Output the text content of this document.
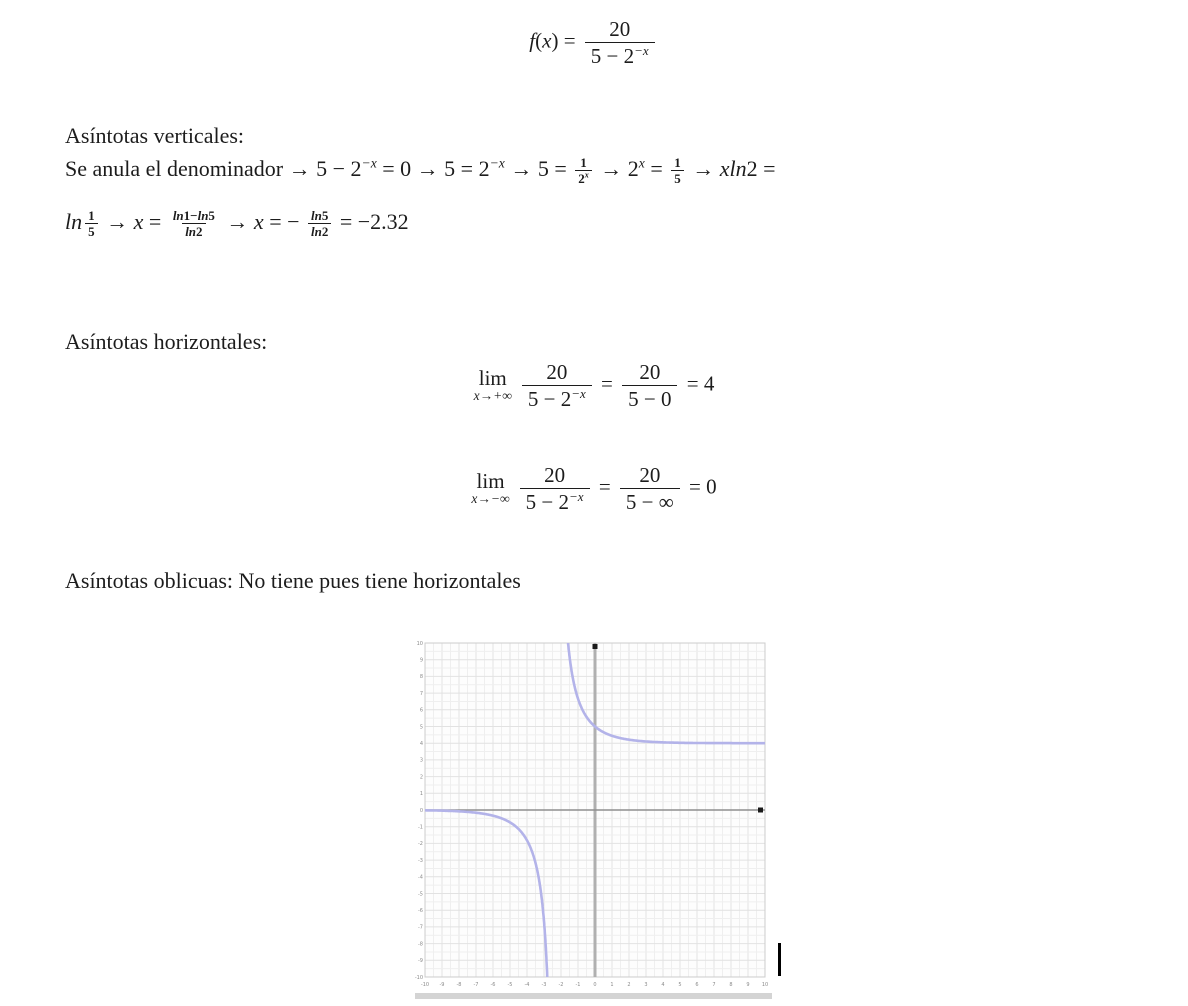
$f(x) = \frac{20}{5 - 2^{-x}}$
Asíntotas verticales:
Se anula el denominador → $5 - 2^{-x} = 0 \to 5 = 2^{-x} \to 5 = \frac{1}{2^x} \to 2^x = \frac{1}{5} \to xln2$ =
$\ln \frac{1}{5} \to x = \frac{\ln 1-\ln 5}{\ln 2} \to x$ = − $\frac{\ln 5}{\ln 2} = -2.32$
Asíntotas horizontales:
lim
$x\to+\infty \frac{20}{5 - 2^{-x}} = \frac{20}{5 - 0} = 4$
lim
$x\to-\infty \frac{20}{5 - 2^{-x}} = \frac{20}{5 - \infty} = 0$
Asíntotas oblicuas: No tiene pues tiene horizontales
-10
-9
-8
-7
-6
-5
-4
-3
-2
-1
0
1
2
3
4
5
6
7
8
9
10
-10 -9 -8 -7 -6 -5 -4 -3 -2 -1	0	1	2	3	4	5	6	7	8	9 10
